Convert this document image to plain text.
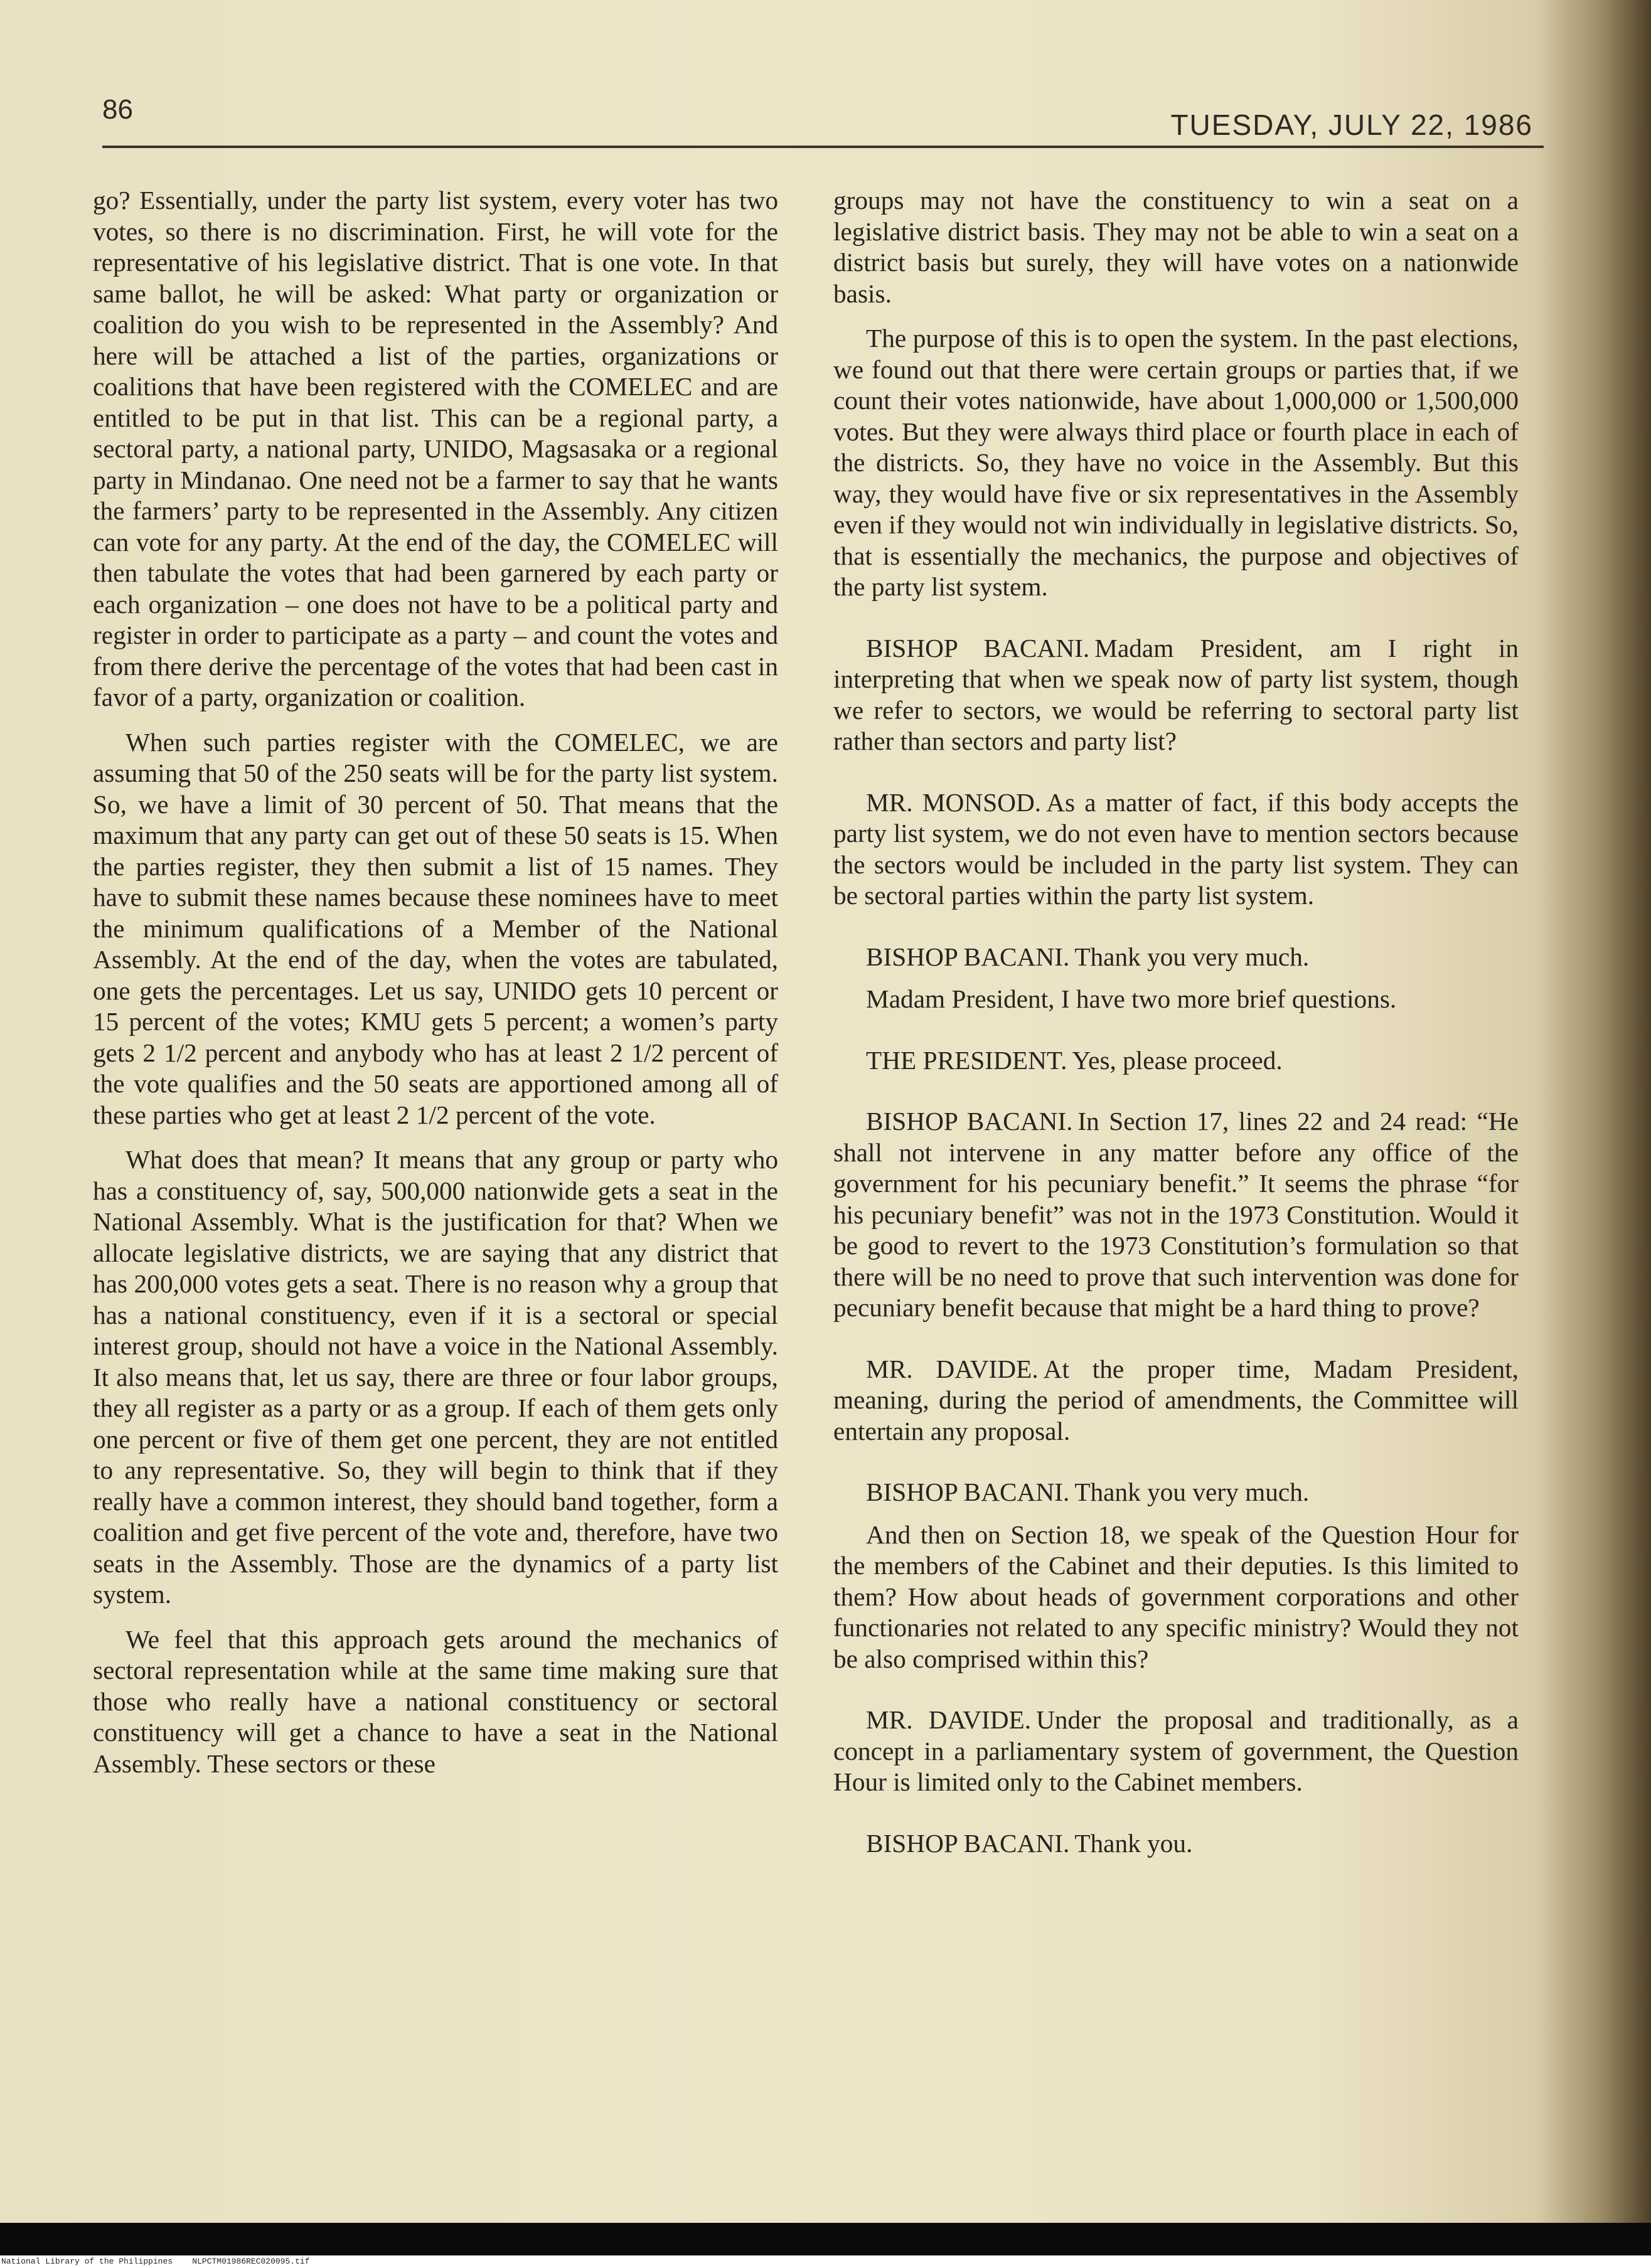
86	TUESDAY, JULY 22, 1986

go? Essentially, under the party list system, every voter has two votes, so there is no discrimination. First, he will vote for the representative of his legislative district. That is one vote. In that same ballot, he will be asked: What party or organization or coalition do you wish to be represented in the Assembly? And here will be attached a list of the parties, organizations or coalitions that have been registered with the COMELEC and are entitled to be put in that list. This can be a regional party, a sectoral party, a national party, UNIDO, Magsasaka or a regional party in Mindanao. One need not be a farmer to say that he wants the farmers’ party to be represented in the Assembly. Any citizen can vote for any party. At the end of the day, the COMELEC will then tabulate the votes that had been garnered by each party or each organization – one does not have to be a political party and register in order to participate as a party – and count the votes and from there derive the percentage of the votes that had been cast in favor of a party, organization or coalition.

When such parties register with the COMELEC, we are assuming that 50 of the 250 seats will be for the party list system. So, we have a limit of 30 percent of 50. That means that the maximum that any party can get out of these 50 seats is 15. When the parties register, they then submit a list of 15 names. They have to submit these names because these nominees have to meet the minimum qualifications of a Member of the National Assembly. At the end of the day, when the votes are tabulated, one gets the percentages. Let us say, UNIDO gets 10 percent or 15 percent of the votes; KMU gets 5 percent; a women’s party gets 2 1/2 percent and anybody who has at least 2 1/2 percent of the vote qualifies and the 50 seats are apportioned among all of these parties who get at least 2 1/2 percent of the vote.

What does that mean? It means that any group or party who has a constituency of, say, 500,000 nationwide gets a seat in the National Assembly. What is the justification for that? When we allocate legislative districts, we are saying that any district that has 200,000 votes gets a seat. There is no reason why a group that has a national constituency, even if it is a sectoral or special interest group, should not have a voice in the National Assembly. It also means that, let us say, there are three or four labor groups, they all register as a party or as a group. If each of them gets only one percent or five of them get one percent, they are not entitled to any representative. So, they will begin to think that if they really have a common interest, they should band together, form a coalition and get five percent of the vote and, therefore, have two seats in the Assembly. Those are the dynamics of a party list system.

We feel that this approach gets around the mechanics of sectoral representation while at the same time making sure that those who really have a national constituency or sectoral constituency will get a chance to have a seat in the National Assembly. These sectors or these

groups may not have the constituency to win a seat on a legislative district basis. They may not be able to win a seat on a district basis but surely, they will have votes on a nationwide basis.

The purpose of this is to open the system. In the past elections, we found out that there were certain groups or parties that, if we count their votes nationwide, have about 1,000,000 or 1,500,000 votes. But they were always third place or fourth place in each of the districts. So, they have no voice in the Assembly. But this way, they would have five or six representatives in the Assembly even if they would not win individually in legislative districts. So, that is essentially the mechanics, the purpose and objectives of the party list system.

BISHOP BACANI. Madam President, am I right in interpreting that when we speak now of party list system, though we refer to sectors, we would be referring to sectoral party list rather than sectors and party list?

MR. MONSOD. As a matter of fact, if this body accepts the party list system, we do not even have to mention sectors because the sectors would be included in the party list system. They can be sectoral parties within the party list system.

BISHOP BACANI. Thank you very much.

Madam President, I have two more brief questions.

THE PRESIDENT. Yes, please proceed.

BISHOP BACANI. In Section 17, lines 22 and 24 read: “He shall not intervene in any matter before any office of the government for his pecuniary benefit.” It seems the phrase “for his pecuniary benefit” was not in the 1973 Constitution. Would it be good to revert to the 1973 Constitution’s formulation so that there will be no need to prove that such intervention was done for pecuniary benefit because that might be a hard thing to prove?

MR. DAVIDE. At the proper time, Madam President, meaning, during the period of amendments, the Committee will entertain any proposal.

BISHOP BACANI. Thank you very much.

And then on Section 18, we speak of the Question Hour for the members of the Cabinet and their deputies. Is this limited to them? How about heads of government corporations and other functionaries not related to any specific ministry? Would they not be also comprised within this?

MR. DAVIDE. Under the proposal and traditionally, as a concept in a parliamentary system of government, the Question Hour is limited only to the Cabinet members.

BISHOP BACANI. Thank you.

National Library of the Philippines NLPCTM01986REC020095.tif
